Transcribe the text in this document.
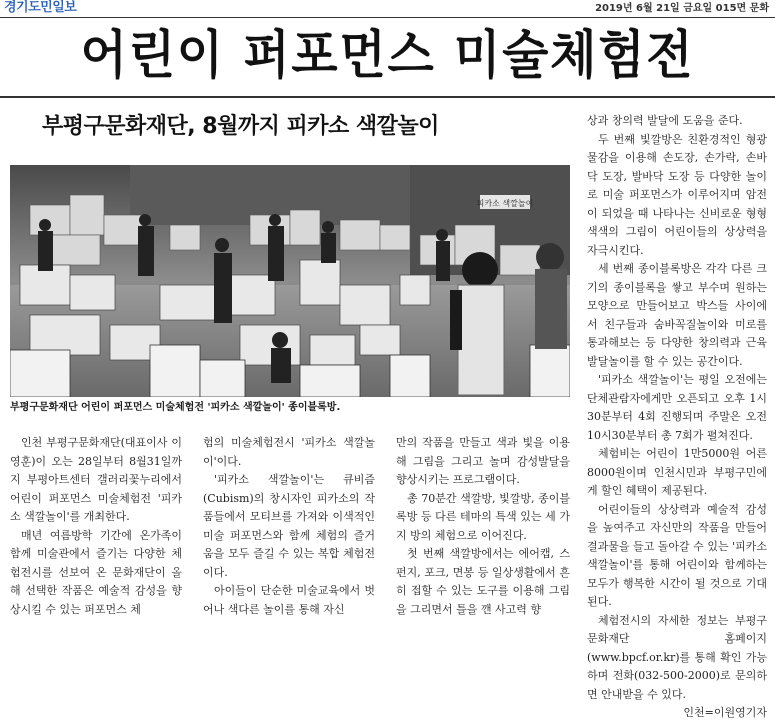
경기도민일보	2019년 6월 21일 금요일 015면 문화
어린이 퍼포먼스 미술체험전
부평구문화재단, 8월까지 피카소 색깔놀이
피카소 색깔놀이
부평구문화재단 어린이 퍼포먼스 미술체험전 '피카소 색깔놀이' 종이블록방.

인천 부평구문화재단(대표이사 이영훈)이 오는 28일부터 8월31일까지 부평아트센터 갤러리꽃누리에서 어린이 퍼포먼스 미술체험전 '피카소 색깔놀이'를 개최한다.

매년 여름방학 기간에 온가족이 함께 미술관에서 즐기는 다양한 체험전시를 선보여 온 문화재단이 올해 선택한 작품은 예술적 감성을 향상시킬 수 있는 퍼포먼스 체

험의 미술체험전시 '피카소 색깔놀이'이다.

'피카소 색깔놀이'는 큐비즘(Cubism)의 창시자인 피카소의 작품들에서 모티브를 가져와 이색적인 미술 퍼포먼스와 함께 체험의 즐거움을 모두 즐길 수 있는 복합 체험전이다.

아이들이 단순한 미술교육에서 벗어나 색다른 놀이를 통해 자신

만의 작품을 만들고 색과 빛을 이용해 그림을 그리고 놀며 감성발달을 향상시키는 프로그램이다.

총 70분간 색깔방, 빛깔방, 종이블록방 등 다른 테마의 특색 있는 세 가지 방의 체험으로 이어진다.

첫 번째 색깔방에서는 에어캡, 스펀지, 포크, 면봉 등 일상생활에서 흔히 접할 수 있는 도구를 이용해 그림을 그리면서 틀을 깬 사고력 향

상과 창의력 발달에 도움을 준다.

두 번째 빛깔방은 친환경적인 형광물감을 이용해 손도장, 손가락, 손바닥 도장, 발바닥 도장 등 다양한 놀이로 미술 퍼포먼스가 이루어지며 암전이 되었을 때 나타나는 신비로운 형형색색의 그림이 어린이들의 상상력을 자극시킨다.

세 번째 종이블록방은 각각 다른 크기의 종이블록을 쌓고 부수며 원하는 모양으로 만들어보고 박스들 사이에서 친구들과 숨바꼭질놀이와 미로를 통과해보는 등 다양한 창의력과 근육발달놀이를 할 수 있는 공간이다.

'피카소 색깔놀이'는 평일 오전에는 단체관람자에게만 오픈되고 오후 1시30분부터 4회 진행되며 주말은 오전 10시30분부터 총 7회가 펼쳐진다.

체험비는 어린이 1만5000원 어른 8000원이며 인천시민과 부평구민에게 할인 혜택이 제공된다.

어린이들의 상상력과 예술적 감성을 높여주고 자신만의 작품을 만들어 결과물을 들고 돌아갈 수 있는 '피카소 색깔놀이'를 통해 어린이와 함께하는 모두가 행복한 시간이 될 것으로 기대된다.

체험전시의 자세한 정보는 부평구문화재단 홈페이지(www.bpcf.or.kr)를 통해 확인 가능하며 전화(032-500-2000)로 문의하면 안내받을 수 있다.

인천=이원영기자
